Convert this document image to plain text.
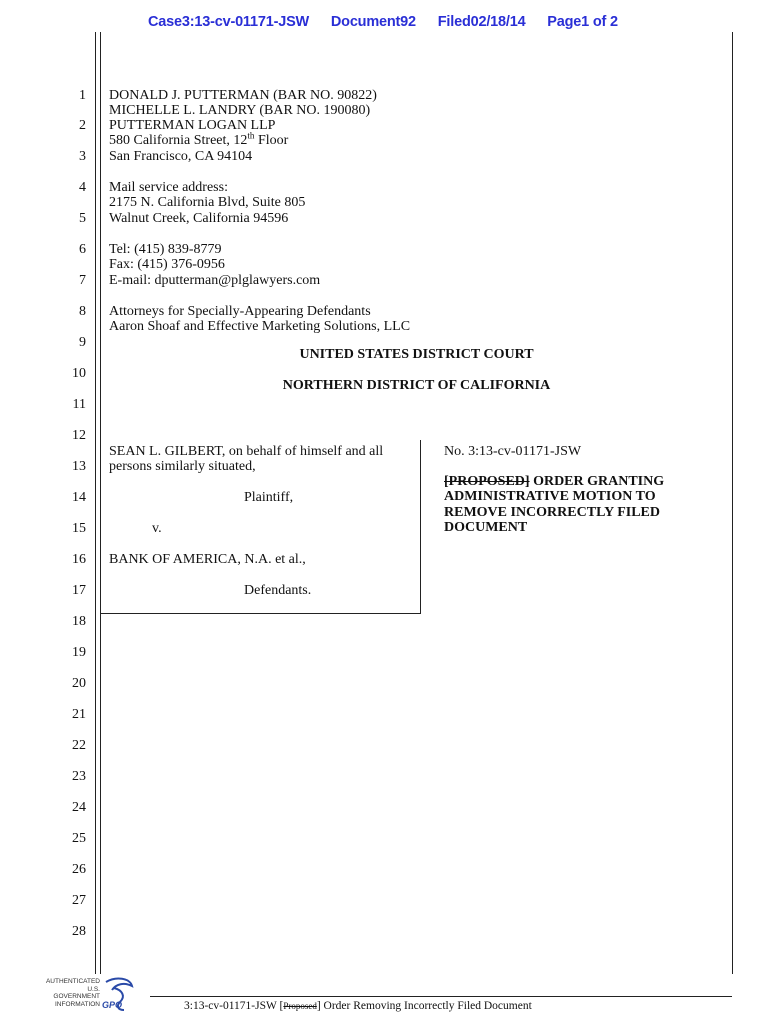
Case3:13-cv-01171-JSW Document92 Filed02/18/14 Page1 of 2
1
2
3
4
5
6
7
8
9
10
11
12
13
14
15
16
17
18
19
20
21
22
23
24
25
26
27
28
DONALD J. PUTTERMAN (BAR NO. 90822)
MICHELLE L. LANDRY (BAR NO. 190080)
PUTTERMAN LOGAN LLP
580 California Street, 12th Floor
San Francisco, CA 94104
Mail service address:
2175 N. California Blvd, Suite 805
Walnut Creek, California 94596
Tel: (415) 839-8779
Fax: (415) 376-0956
E-mail: dputterman@plglawyers.com
Attorneys for Specially-Appearing Defendants
Aaron Shoaf and Effective Marketing Solutions, LLC
UNITED STATES DISTRICT COURT
NORTHERN DISTRICT OF CALIFORNIA
SEAN L. GILBERT, on behalf of himself and all
persons similarly situated,
Plaintiff,
v.
BANK OF AMERICA, N.A. et al.,
Defendants.
No. 3:13-cv-01171-JSW
[PROPOSED] ORDER GRANTING
ADMINISTRATIVE MOTION TO
REMOVE INCORRECTLY FILED
DOCUMENT
3:13-cv-01171-JSW [Proposed] Order Removing Incorrectly Filed Document
AUTHENTICATED
U.S. GOVERNMENT
INFORMATION GPO
